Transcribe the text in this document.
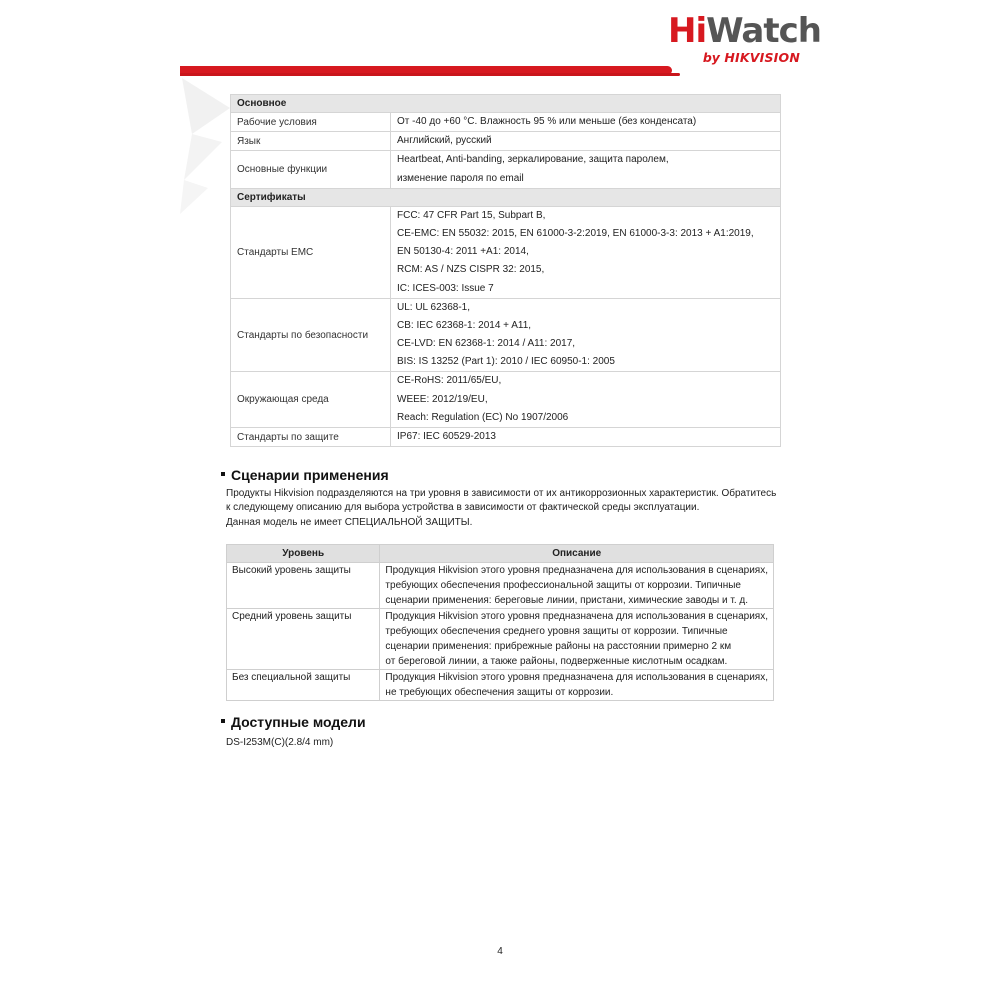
HiWatch
by HIKVISION
Основное	
Рабочие условия	От -40 до +60 °C. Влажность 95 % или меньше (без конденсата)

Язык	Английский, русский

Основные функции	Heartbeat, Anti-banding, зеркалирование, защита паролем,
изменение пароля по email

Сертификаты	
Стандарты EMC	FCC: 47 CFR Part 15, Subpart B,
CE-EMC: EN 55032: 2015, EN 61000-3-2:2019, EN 61000-3-3: 2013 + A1:2019,
EN 50130-4: 2011 +A1: 2014,
RCM: AS / NZS CISPR 32: 2015,
IC: ICES-003: Issue 7

Стандарты по безопасности	UL: UL 62368-1,
CB: IEC 62368-1: 2014 + A11,
CE-LVD: EN 62368-1: 2014 / A11: 2017,
BIS: IS 13252 (Part 1): 2010 / IEC 60950-1: 2005

Окружающая среда	CE-RoHS: 2011/65/EU,
WEEE: 2012/19/EU,
Reach: Regulation (EC) No 1907/2006

Стандарты по защите	IP67: IEC 60529-2013
Сценарии применения
Продукты Hikvision подразделяются на три уровня в зависимости от их антикоррозионных характеристик. Обратитесь
к следующему описанию для выбора устройства в зависимости от фактической среды эксплуатации.
Данная модель не имеет СПЕЦИАЛЬНОЙ ЗАЩИТЫ.
Уровень	Описание
Высокий уровень защиты	Продукция Hikvision этого уровня предназначена для использования в сценариях,
требующих обеспечения профессиональной защиты от коррозии. Типичные
сценарии применения: береговые линии, пристани, химические заводы и т. д.

Средний уровень защиты	Продукция Hikvision этого уровня предназначена для использования в сценариях,
требующих обеспечения среднего уровня защиты от коррозии. Типичные
сценарии применения: прибрежные районы на расстоянии примерно 2 км
от береговой линии, а также районы, подверженные кислотным осадкам.

Без специальной защиты	Продукция Hikvision этого уровня предназначена для использования в сценариях,
не требующих обеспечения защиты от коррозии.
Доступные модели
DS-I253M(C)(2.8/4 mm)
4
